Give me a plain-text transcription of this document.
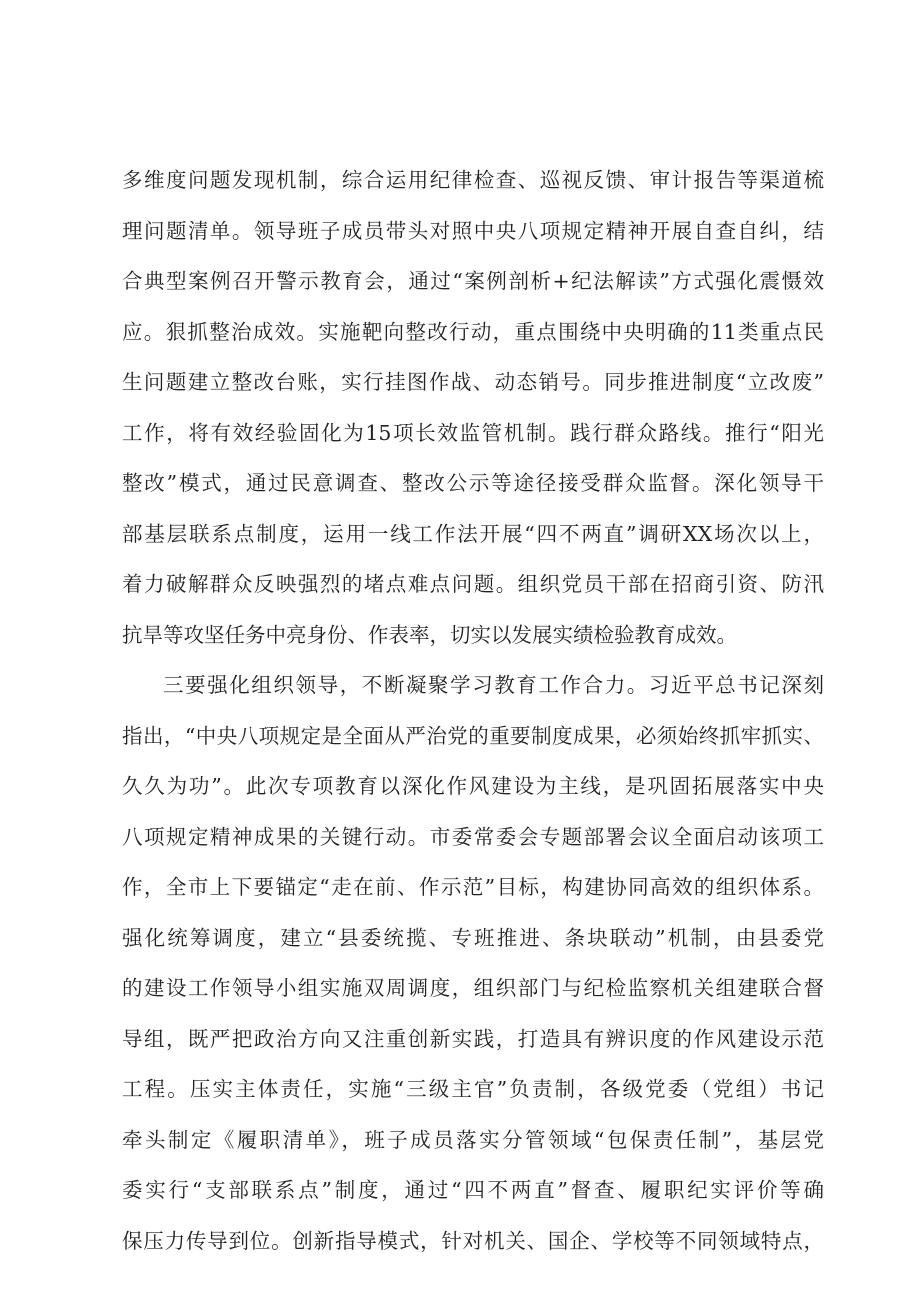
多维度问题发现机制，综合运用纪律检查、巡视反馈、审计报告等渠道梳
理问题清单。领导班子成员带头对照中央八项规定精神开展自查自纠，结
合典型案例召开警示教育会，通过“案例剖析+纪法解读”方式强化震慑效
应。狠抓整治成效。实施靶向整改行动，重点围绕中央明确的11类重点民
生问题建立整改台账，实行挂图作战、动态销号。同步推进制度“立改废”
工作，将有效经验固化为15项长效监管机制。践行群众路线。推行“阳光
整改”模式，通过民意调查、整改公示等途径接受群众监督。深化领导干
部基层联系点制度，运用一线工作法开展“四不两直”调研XX场次以上，
着力破解群众反映强烈的堵点难点问题。组织党员干部在招商引资、防汛
抗旱等攻坚任务中亮身份、作表率，切实以发展实绩检验教育成效。
三要强化组织领导，不断凝聚学习教育工作合力。习近平总书记深刻
指出，“中央八项规定是全面从严治党的重要制度成果，必须始终抓牢抓实、
久久为功”。此次专项教育以深化作风建设为主线，是巩固拓展落实中央
八项规定精神成果的关键行动。市委常委会专题部署会议全面启动该项工
作，全市上下要锚定“走在前、作示范”目标，构建协同高效的组织体系。
强化统筹调度，建立“县委统揽、专班推进、条块联动”机制，由县委党
的建设工作领导小组实施双周调度，组织部门与纪检监察机关组建联合督
导组，既严把政治方向又注重创新实践，打造具有辨识度的作风建设示范
工程。压实主体责任，实施“三级主官”负责制，各级党委（党组）书记
牵头制定《履职清单》，班子成员落实分管领域“包保责任制”，基层党
委实行“支部联系点”制度，通过“四不两直”督查、履职纪实评价等确
保压力传导到位。创新指导模式，针对机关、国企、学校等不同领域特点，
